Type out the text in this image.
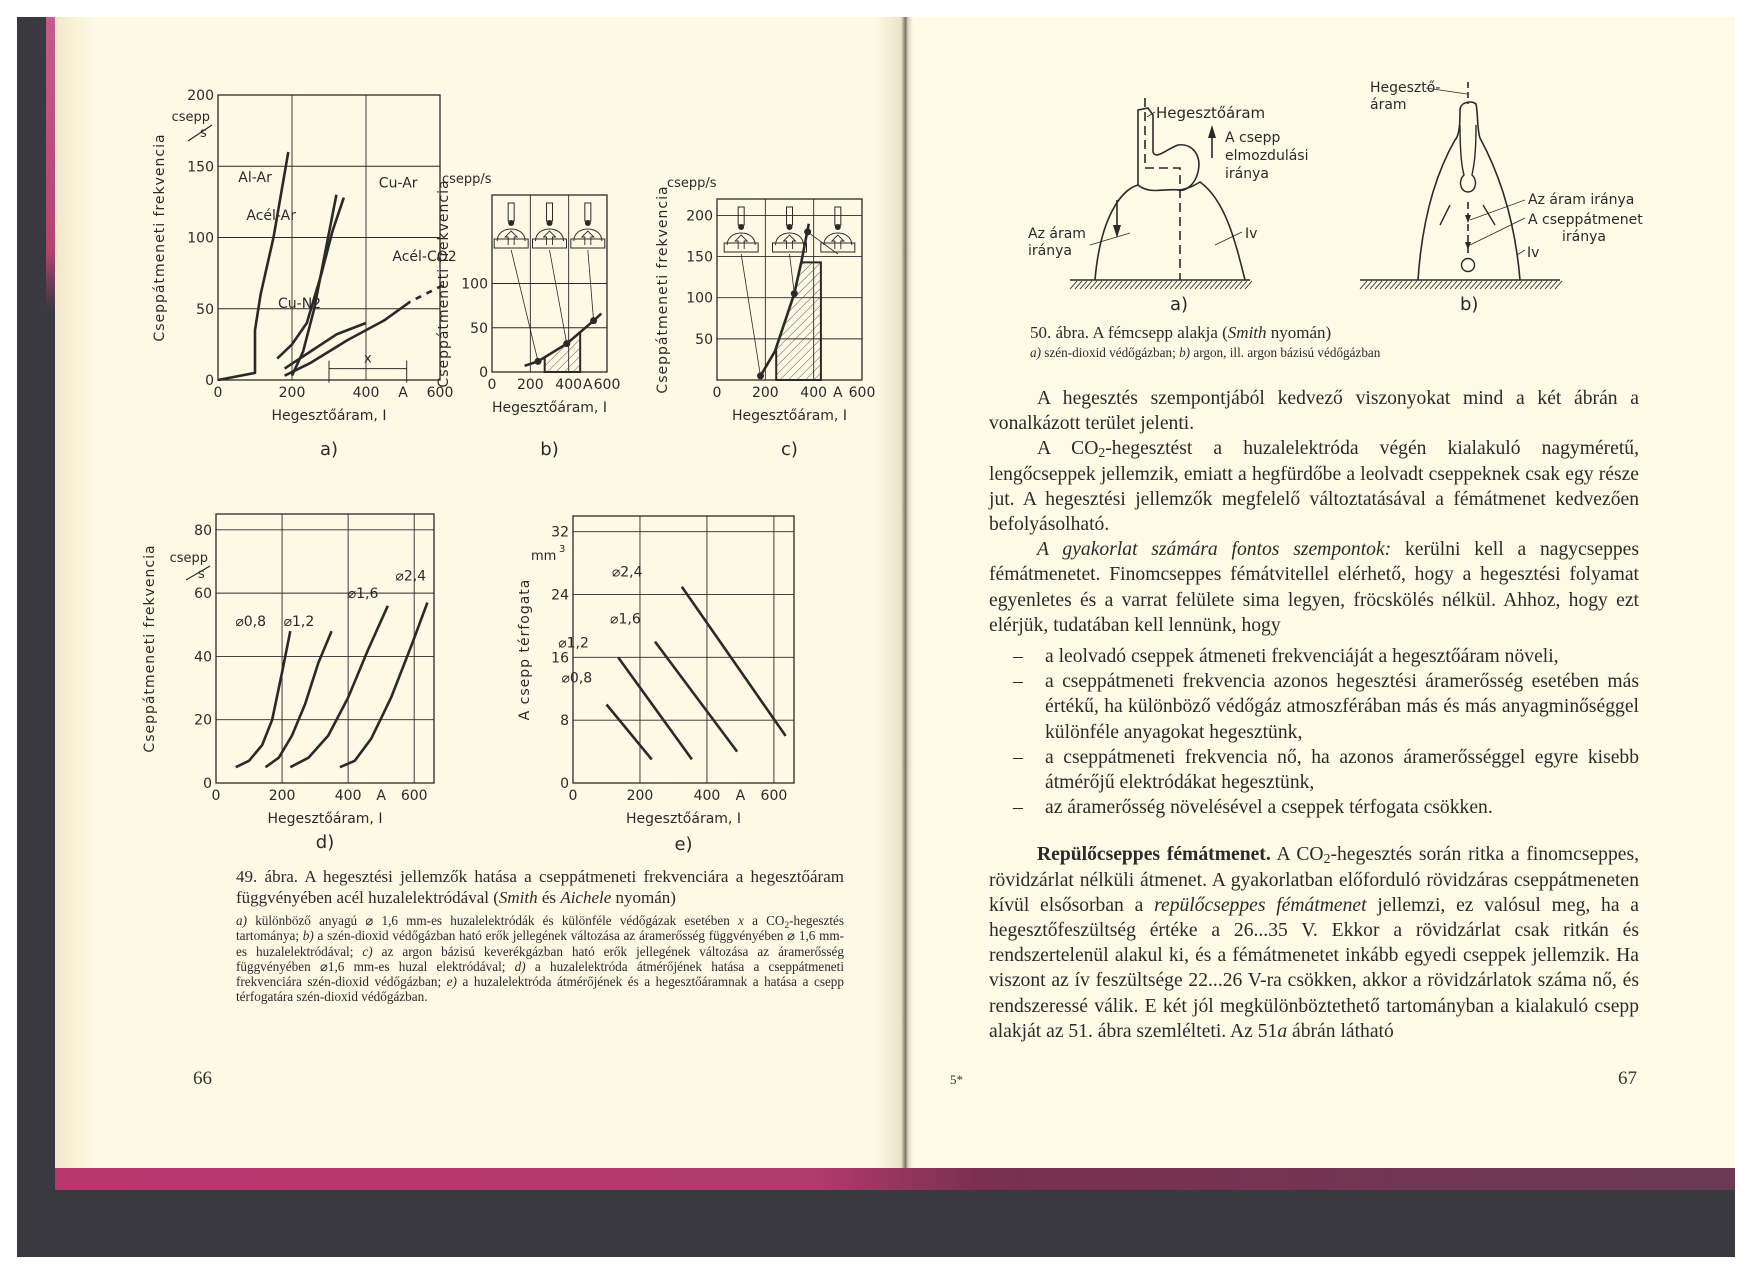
0	200	400 A 600
0
50
100
150
200
Hegesztőáram, I
Cseppátmeneti frekvencia
csepp
s
a)
Al-Ar
Acél-Ar
Cu-Ar
Cu-N2
Acél-CO2
x
0 200 400 A 600
0
50
100
Hegesztőáram, I
Cseppátmeneti frekvencia
csepp/s
b)
0 200 400 A 600
50
100
150
200
Hegesztőáram, I
Cseppátmeneti frekvencia
csepp/s
c)
0	200	400 A 600
0
20
40
60
80
Hegesztőáram, I
Cseppátmeneti frekvencia csepp
s
d)
⌀0,8 ⌀1,2
⌀1,6
⌀2,4
0	200	400 A 600
0
8
16
24
32
Hegesztőáram, I
A csepp térfogata
mm 3
e)
⌀0,8
⌀1,2
⌀1,6
⌀2,4
49. ábra. A hegesztési jellemzők hatása a cseppátmeneti frekvenciára a hegesztőáram függvényében acél huzalelektródával (Smith és Aichele nyomán)
a) különböző anyagú ⌀ 1,6 mm-es huzalelektródák és különféle védőgázak esetében x a $CO_2$-hegesztés tartománya; b) a szén-dioxid védőgázban ható erők jellegének változása az áramerősség függvényében ⌀ 1,6 mm-es huzalelektródával; c) az argon bázisú keverékgázban ható erők jellegének változása az áramerősség függvényében ⌀1,6 mm-es huzal elektródával; d) a huzalelektróda átmérőjének hatása a cseppátmeneti frekvenciára szén-dioxid védőgázban; e) a huzalelektróda átmérőjének és a hegesztőáramnak a hatása a csepp térfogatára szén-dioxid védőgázban.
66
Hegesztőáram
A csepp
elmozdulási
iránya
Az áram
iránya
Iv
a)
Hegesztő-
áram
Az áram iránya
A cseppátmenet
iránya
Iv
b)
50. ábra. A fémcsepp alakja (Smith nyomán)
a) szén-dioxid védőgázban; b) argon, ill. argon bázisú védőgázban

A hegesztés szempontjából kedvező viszonyokat mind a két ábrán a vonalkázott terület jelenti.

A $CO_2$-hegesztést a huzalelektróda végén kialakuló nagyméretű, lengőcseppek jellemzik, emiatt a hegfürdőbe a leolvadt cseppeknek csak egy része jut. A hegesztési jellemzők megfelelő változtatásával a fémátmenet kedvezően befolyásolható.

A gyakorlat számára fontos szempontok: kerülni kell a nagycseppes fémátmenetet. Finomcseppes fémátvitellel elérhető, hogy a hegesztési folyamat egyenletes és a varrat felülete sima legyen, fröcskölés nélkül. Ahhoz, hogy ezt elérjük, tudatában kell lennünk, hogy

– a leolvadó cseppek átmeneti frekvenciáját a hegesztőáram növeli,
– a cseppátmeneti frekvencia azonos hegesztési áramerősség esetében más értékű, ha különböző védőgáz atmoszférában más és más anyagminőséggel különféle anyagokat hegesztünk,
– a cseppátmeneti frekvencia nő, ha azonos áramerősséggel egyre kisebb átmérőjű elektródákat hegesztünk,
– az áramerősség növelésével a cseppek térfogata csökken.

Repülőcseppes fémátmenet. A $CO_2$-hegesztés során ritka a finomcseppes, rövidzárlat nélküli átmenet. A gyakorlatban előforduló rövidzáras cseppátmeneten kívül elsősorban a repülőcseppes fémátmenet jellemzi, ez valósul meg, ha a hegesztőfeszültség értéke a 26...35 V. Ekkor a rövidzárlat csak ritkán és rendszertelenül alakul ki, és a fémátmenetet inkább egyedi cseppek jellemzik. Ha viszont az ív feszültsége 22...26 V-ra csökken, akkor a rövidzárlatok száma nő, és rendszeressé válik. E két jól megkülönböztethető tartományban a kialakuló csepp alakját az 51. ábra szemlélteti. Az 51a ábrán látható

5*	67
